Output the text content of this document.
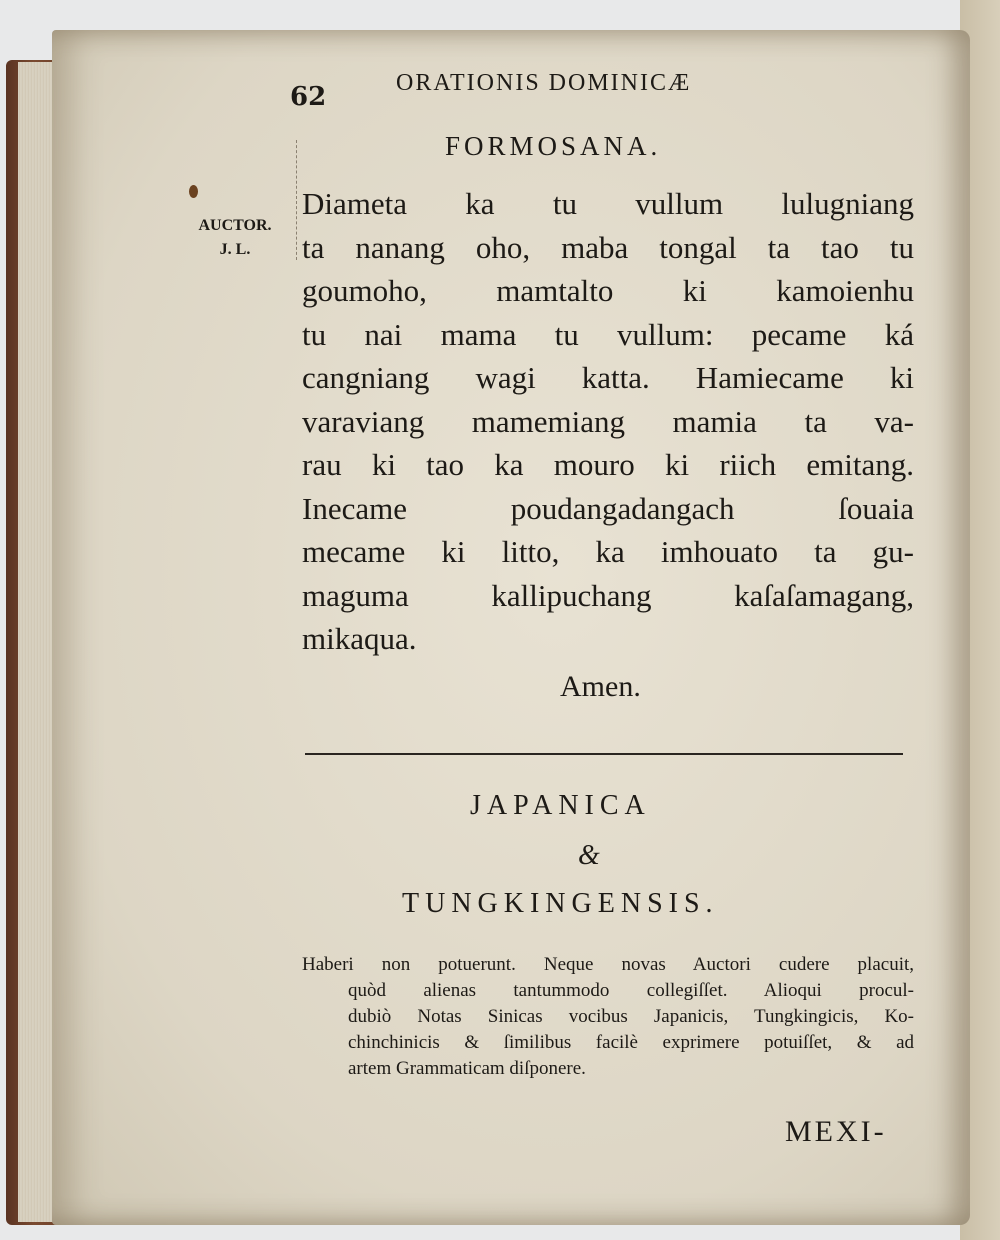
62	ORATIONIS DOMINICÆ
FORMOSANA.
AUCTOR.
J. L.
Diameta ka tu vullum lulugniang
ta nanang oho, maba tongal ta tao tu
goumoho, mamtalto ki kamoienhu
tu nai mama tu vullum: pecame ká
cangniang wagi katta. Hamiecame ki
varaviang mamemiang mamia ta va-
rau ki tao ka mouro ki riich emitang.
Inecame poudangadangach ſouaia
mecame ki litto, ka imhouato ta gu-
maguma kallipuchang kaſaſamagang,
mikaqua.
Amen.
JAPANICA
&
TUNGKINGENSIS.
Haberi non potuerunt. Neque novas Auctori cudere placuit,
quòd alienas tantummodo collegiſſet. Alioqui procul-
dubiò Notas Sinicas vocibus Japanicis, Tungkingicis, Ko-
chinchinicis & ſimilibus facilè exprimere potuiſſet, & ad
artem Grammaticam diſponere.
MEXI-
